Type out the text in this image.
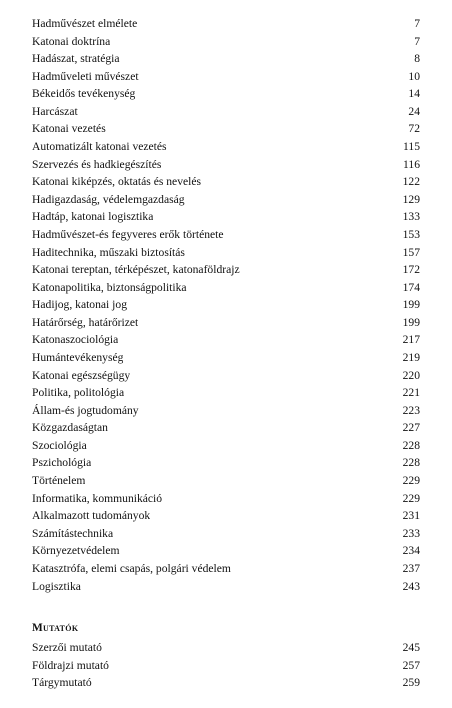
Hadművészet elmélete	7
Katonai doktrína	7
Hadászat, stratégia	8
Hadműveleti művészet	10
Békeidős tevékenység	14
Harcászat	24
Katonai vezetés	72
Automatizált katonai vezetés	115
Szervezés és hadkiegészítés	116
Katonai kiképzés, oktatás és nevelés	122
Hadigazdaság, védelemgazdaság	129
Hadtáp, katonai logisztika	133
Hadművészet-és fegyveres erők története	153
Haditechnika, műszaki biztosítás	157
Katonai tereptan, térképészet, katonaföldrajz	172
Katonapolitika, biztonságpolitika	174
Hadijog, katonai jog	199
Határőrség, határőrizet	199
Katonaszociológia	217
Humántevékenység	219
Katonai egészségügy	220
Politika, politológia	221
Állam-és jogtudomány	223
Közgazdaságtan	227
Szociológia	228
Pszichológia	228
Történelem	229
Informatika, kommunikáció	229
Alkalmazott tudományok	231
Számítástechnika	233
Környezetvédelem	234
Katasztrófa, elemi csapás, polgári védelem	237
Logisztika	243
Mutatók
Szerzői mutató	245
Földrajzi mutató	257
Tárgymutató	259
